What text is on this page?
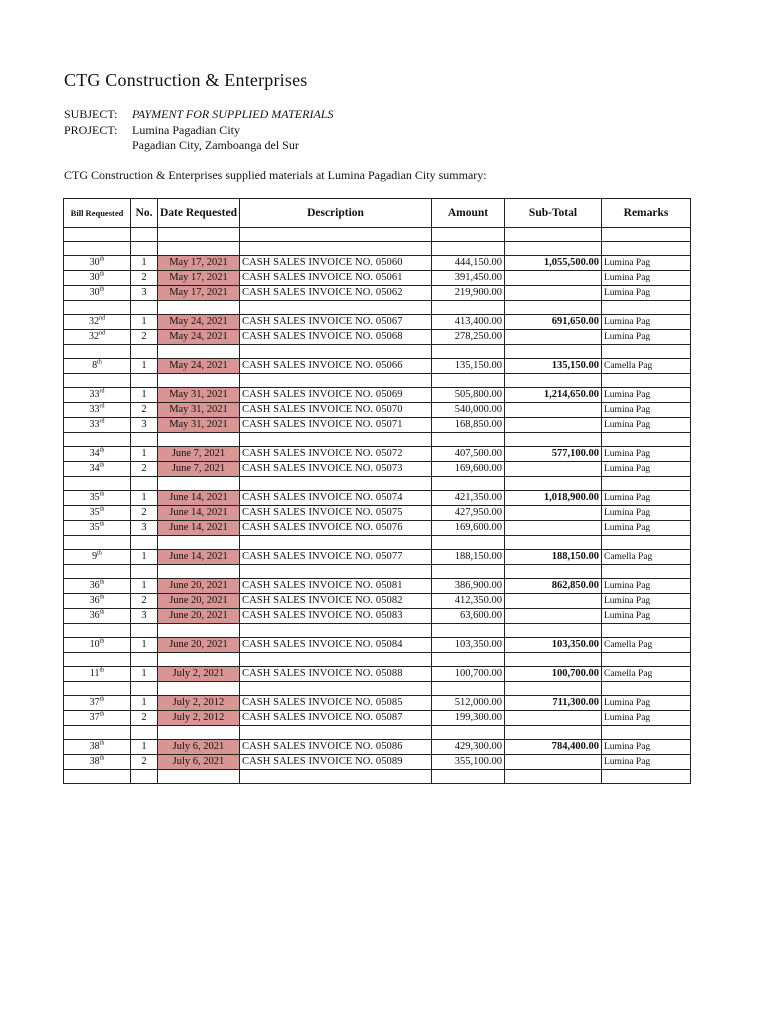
CTG Construction & Enterprises
SUBJECT:	PAYMENT FOR SUPPLIED MATERIALS
PROJECT:	Lumina Pagadian City
Pagadian City, Zamboanga del Sur
CTG Construction & Enterprises supplied materials at Lumina Pagadian City summary:
Bill Requested	No.	Date Requested	Description	Amount	Sub-Total	Remarks

30th	1	May 17, 2021	CASH SALES INVOICE NO. 05060	444,150.00	1,055,500.00	Lumina Pag
30th	2	May 17, 2021	CASH SALES INVOICE NO. 05061	391,450.00		Lumina Pag
30th	3	May 17, 2021	CASH SALES INVOICE NO. 05062	219,900.00		Lumina Pag

32nd	1	May 24, 2021	CASH SALES INVOICE NO. 05067	413,400.00	691,650.00	Lumina Pag
32nd	2	May 24, 2021	CASH SALES INVOICE NO. 05068	278,250.00		Lumina Pag

8th	1	May 24, 2021	CASH SALES INVOICE NO. 05066	135,150.00	135,150.00	Camella Pag

33rd	1	May 31, 2021	CASH SALES INVOICE NO. 05069	505,800.00	1,214,650.00	Lumina Pag
33rd	2	May 31, 2021	CASH SALES INVOICE NO. 05070	540,000.00		Lumina Pag
33rd	3	May 31, 2021	CASH SALES INVOICE NO. 05071	168,850.00		Lumina Pag

34th	1	June 7, 2021	CASH SALES INVOICE NO. 05072	407,500.00	577,100.00	Lumina Pag
34th	2	June 7, 2021	CASH SALES INVOICE NO. 05073	169,600.00		Lumina Pag

35th	1	June 14, 2021	CASH SALES INVOICE NO. 05074	421,350.00	1,018,900.00	Lumina Pag
35th	2	June 14, 2021	CASH SALES INVOICE NO. 05075	427,950.00		Lumina Pag
35th	3	June 14, 2021	CASH SALES INVOICE NO. 05076	169,600.00		Lumina Pag

9th	1	June 14, 2021	CASH SALES INVOICE NO. 05077	188,150.00	188,150.00	Camella Pag

36th	1	June 20, 2021	CASH SALES INVOICE NO. 05081	386,900.00	862,850.00	Lumina Pag
36th	2	June 20, 2021	CASH SALES INVOICE NO. 05082	412,350.00		Lumina Pag
36th	3	June 20, 2021	CASH SALES INVOICE NO. 05083	63,600.00		Lumina Pag

10th	1	June 20, 2021	CASH SALES INVOICE NO. 05084	103,350.00	103,350.00	Camella Pag

11th	1	July 2, 2021	CASH SALES INVOICE NO. 05088	100,700.00	100,700.00	Camella Pag

37th	1	July 2, 2012	CASH SALES INVOICE NO. 05085	512,000.00	711,300.00	Lumina Pag
37th	2	July 2, 2012	CASH SALES INVOICE NO. 05087	199,300.00		Lumina Pag

38th	1	July 6, 2021	CASH SALES INVOICE NO. 05086	429,300.00	784,400.00	Lumina Pag
38th	2	July 6, 2021	CASH SALES INVOICE NO. 05089	355,100.00		Lumina Pag
